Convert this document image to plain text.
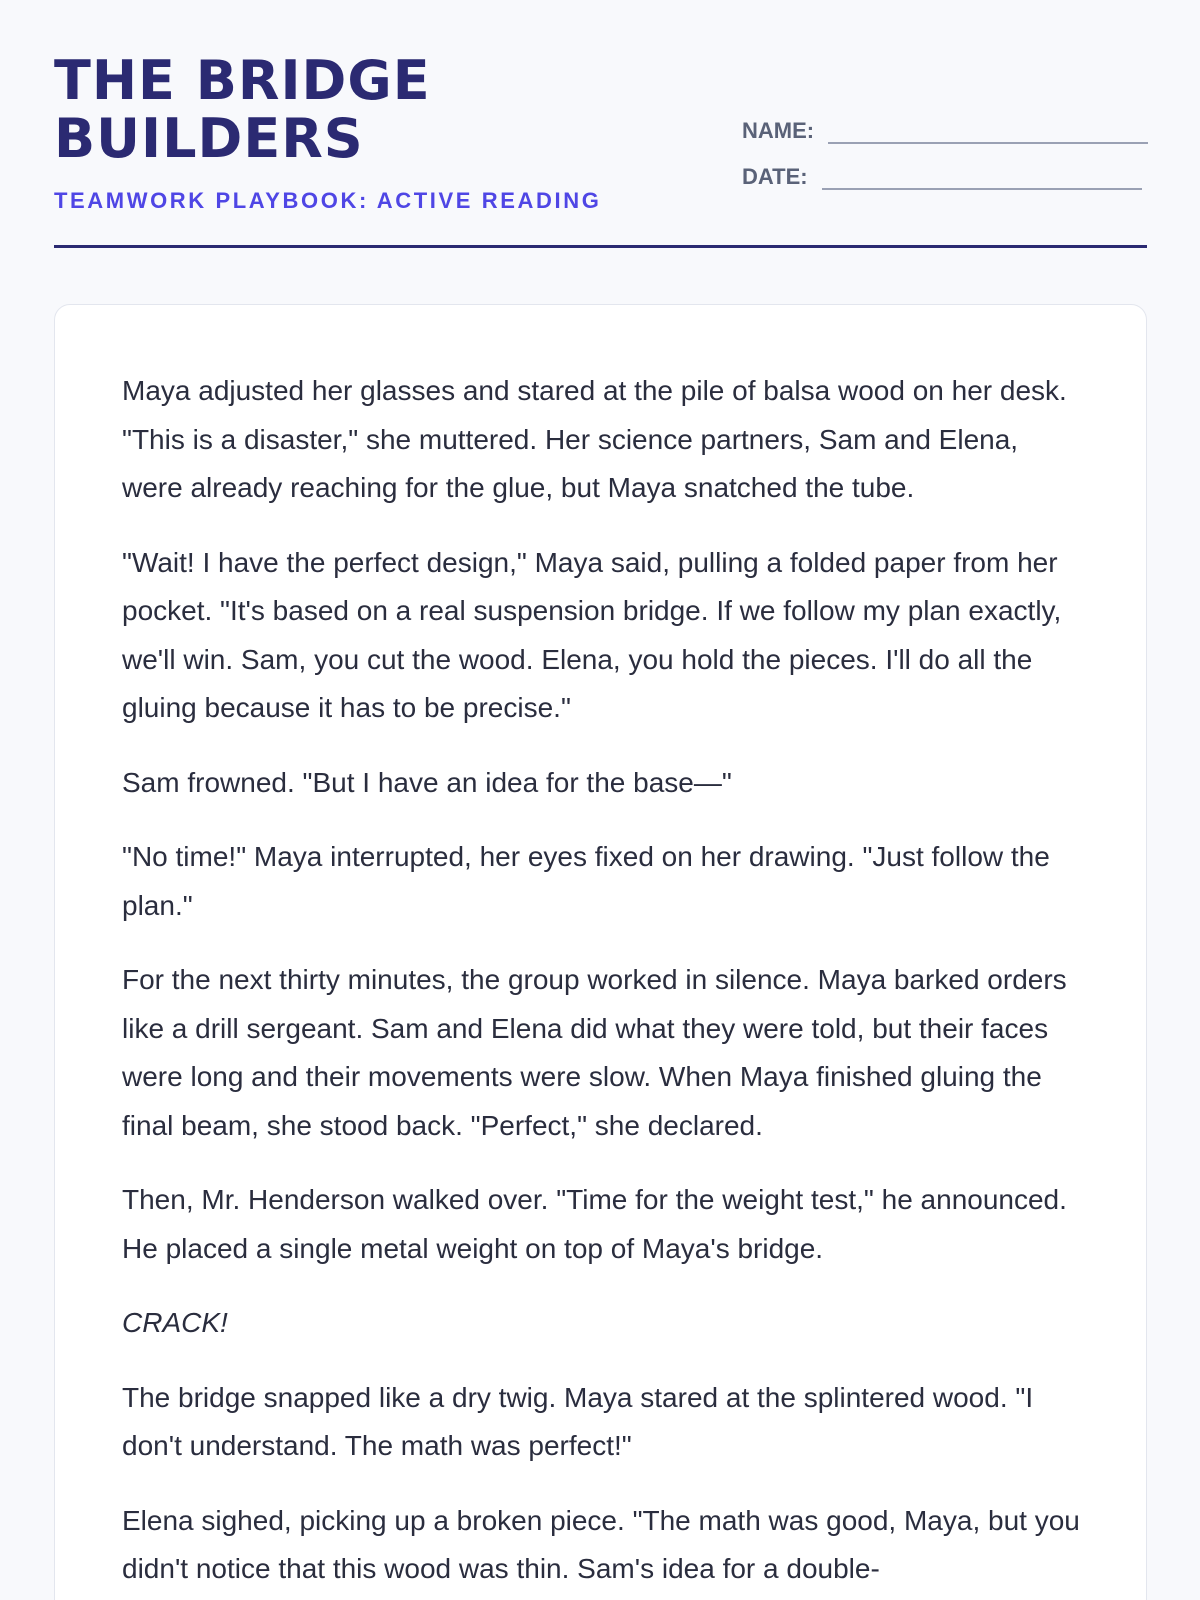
THE BRIDGE
BUILDERS
TEAMWORK PLAYBOOK: ACTIVE READING
NAME:
DATE:

Maya adjusted her glasses and stared at the pile of balsa wood on her desk. "This is a disaster," she muttered. Her science partners, Sam and Elena, were already reaching for the glue, but Maya snatched the tube.

"Wait! I have the perfect design," Maya said, pulling a folded paper from her pocket. "It's based on a real suspension bridge. If we follow my plan exactly, we'll win. Sam, you cut the wood. Elena, you hold the pieces. I'll do all the gluing because it has to be precise."

Sam frowned. "But I have an idea for the base—"

"No time!" Maya interrupted, her eyes fixed on her drawing. "Just follow the plan."

For the next thirty minutes, the group worked in silence. Maya barked orders like a drill sergeant. Sam and Elena did what they were told, but their faces were long and their movements were slow. When Maya finished gluing the final beam, she stood back. "Perfect," she declared.

Then, Mr. Henderson walked over. "Time for the weight test," he announced. He placed a single metal weight on top of Maya's bridge.

CRACK!

The bridge snapped like a dry twig. Maya stared at the splintered wood. "I don't understand. The math was perfect!"

Elena sighed, picking up a broken piece. "The math was good, Maya, but you didn't notice that this wood was thin. Sam's idea for a double-
